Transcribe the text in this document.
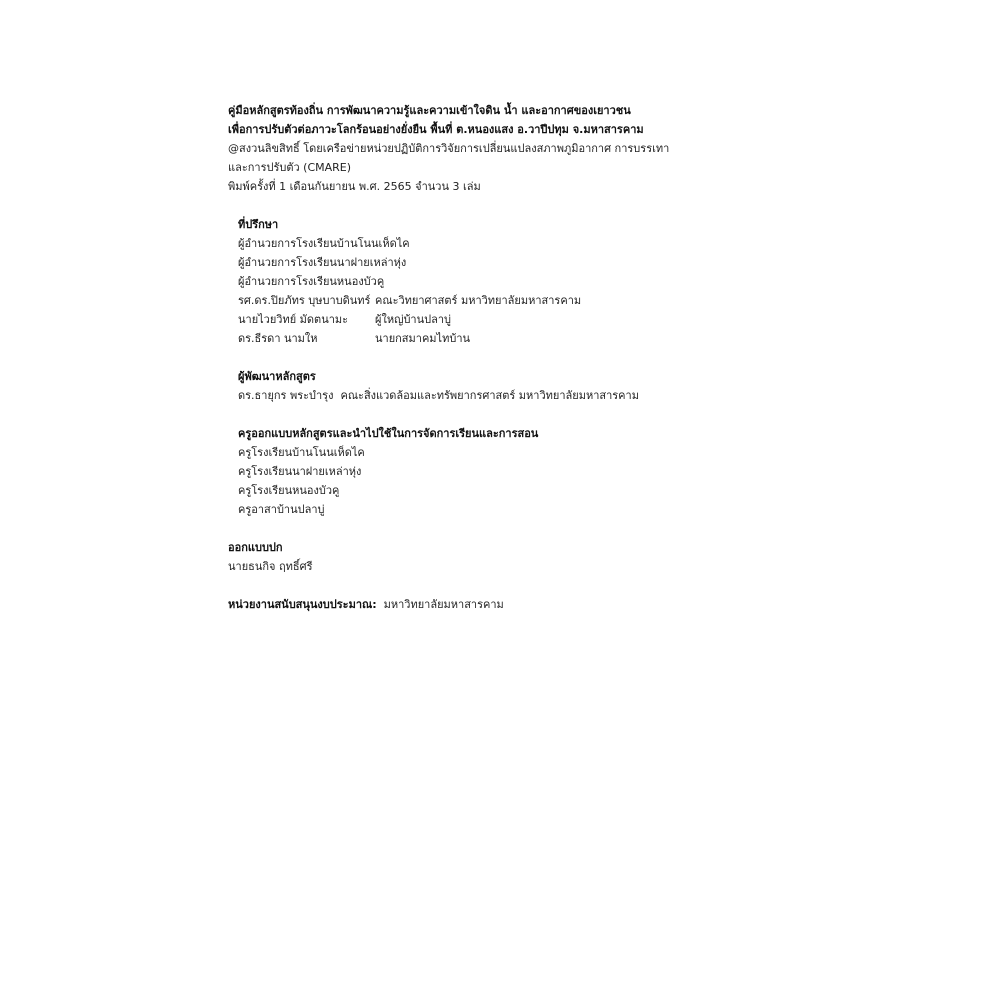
คู่มือหลักสูตรท้องถิ่น การพัฒนาความรู้และความเข้าใจดิน น้ำ และอากาศของเยาวชน
เพื่อการปรับตัวต่อภาวะโลกร้อนอย่างยั่งยืน พื้นที่ ต.หนองแสง อ.วาปีปทุม จ.มหาสารคาม
@สงวนลิขสิทธิ์ โดยเครือข่ายหน่วยปฏิบัติการวิจัยการเปลี่ยนแปลงสภาพภูมิอากาศ การบรรเทา
และการปรับตัว (CMARE)
พิมพ์ครั้งที่ 1 เดือนกันยายน พ.ศ. 2565 จำนวน 3 เล่ม
ที่ปรึกษา
ผู้อำนวยการโรงเรียนบ้านโนนเห็ดไค
ผู้อำนวยการโรงเรียนนาฝายเหล่าหุ่ง
ผู้อำนวยการโรงเรียนหนองบัวคู
รศ.ดร.ปิยภัทร บุษบาบดินทร์ คณะวิทยาศาสตร์ มหาวิทยาลัยมหาสารคาม
นายไวยวิทย์ มัดตนามะ	ผู้ใหญ่บ้านปลาบู่
ดร.ธีรดา นามให	นายกสมาคมไทบ้าน
ผู้พัฒนาหลักสูตร
ดร.ธายุกร พระบำรุง คณะสิ่งแวดล้อมและทรัพยากรศาสตร์ มหาวิทยาลัยมหาสารคาม
ครูออกแบบหลักสูตรและนำไปใช้ในการจัดการเรียนและการสอน
ครูโรงเรียนบ้านโนนเห็ดไค
ครูโรงเรียนนาฝายเหล่าหุ่ง
ครูโรงเรียนหนองบัวคู
ครูอาสาบ้านปลาบู่
ออกแบบปก
นายธนกิจ ฤทธิ์ศรี
หน่วยงานสนับสนุนงบประมาณ: มหาวิทยาลัยมหาสารคาม
